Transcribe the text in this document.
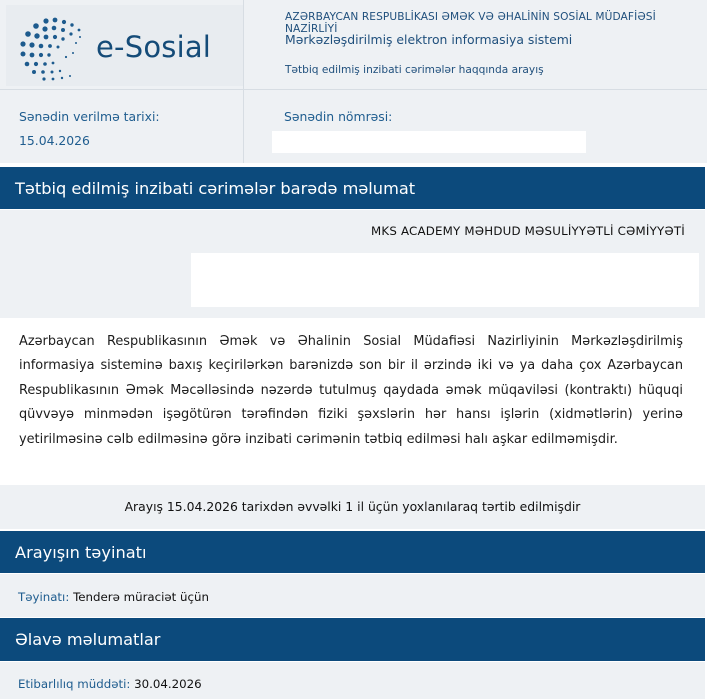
e-Sosial
AZƏRBAYCAN RESPUBLİKASI ƏMƏK VƏ ƏHALİNİN SOSİAL MÜDAFİƏSİ NAZİRLİYİ
Mərkəzləşdirilmiş elektron informasiya sistemi
Tətbiq edilmiş inzibati cərimələr haqqında arayış
Sənədin verilmə tarixi:
15.04.2026
Sənədin nömrəsi:
Tətbiq edilmiş inzibati cərimələr barədə məlumat
MKS ACADEMY MƏHDUD MƏSULİYYƏTLİ CƏMİYYƏTİ
Azərbaycan Respublikasının Əmək və Əhalinin Sosial Müdafiəsi Nazirliyinin Mərkəzləşdirilmiş informasiya sisteminə baxış keçirilərkən barənizdə son bir il ərzində iki və ya daha çox Azərbaycan Respublikasının Əmək Məcəlləsində nəzərdə tutulmuş qaydada əmək müqaviləsi (kontraktı) hüquqi qüvvəyə minmədən işəgötürən tərəfindən fiziki şəxslərin hər hansı işlərin (xidmətlərin) yerinə yetirilməsinə cəlb edilməsinə görə inzibati cərimənin tətbiq edilməsi halı aşkar edilməmişdir.
Arayış 15.04.2026 tarixdən əvvəlki 1 il üçün yoxlanılaraq tərtib edilmişdir
Arayışın təyinatı
Təyinatı: Tenderə müraciət üçün
Əlavə məlumatlar
Etibarlılıq müddəti: 30.04.2026
